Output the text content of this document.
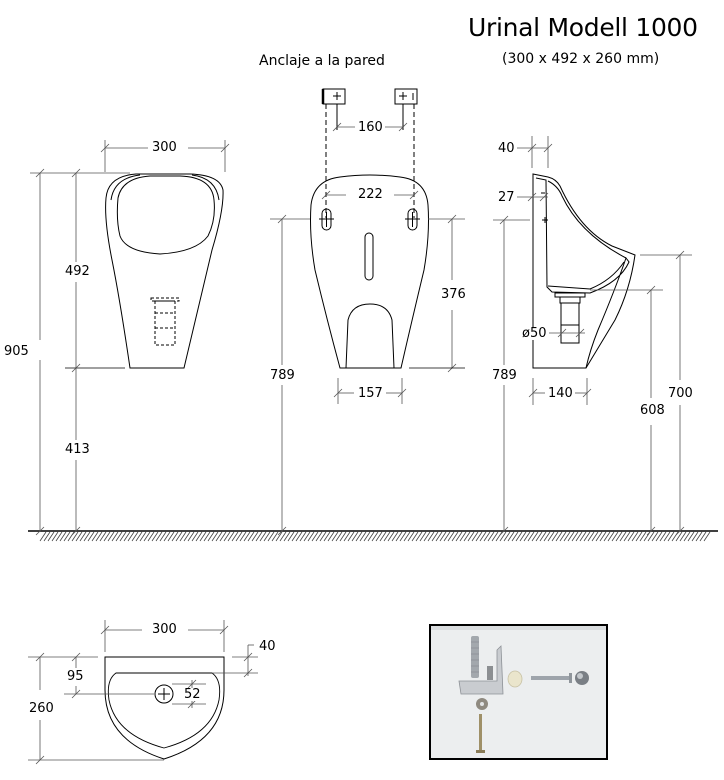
Urinal Modell 1000
(300 x 492 x 260 mm)
Anclaje a la pared
300
492
905
413
160
222
789
376
157
40
27
789
ø50
140	700
608
300
260
95
52
40
